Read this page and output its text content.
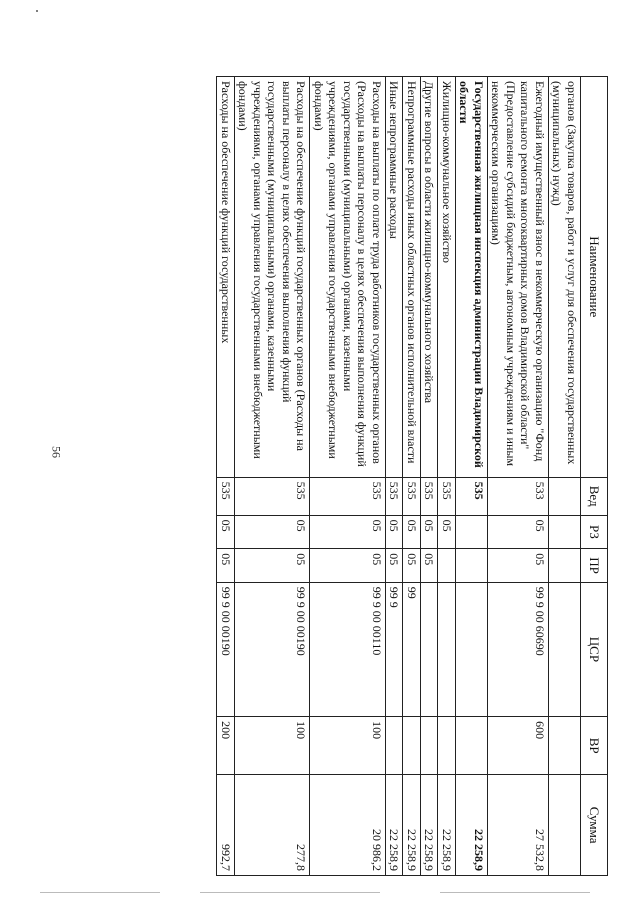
56
Наименование	Вед	РЗ	ПР	ЦСР	ВР	Сумма
органов (Закупка товаров, работ и услуг для обеспечения государственных (муниципальных) нужд)						
Ежегодный имущественный взнос в некоммерческую организацию "Фонд капитального ремонта многоквартирных домов Владимирской области" (Предоставление субсидий бюджетным, автономным учреждениям и иным некоммерческим организациям)	533	05	05	99 9 00 60690	600	27 532,8
Государственная жилищная инспекция администрации Владимирской области	535					22 258,9
Жилищно-коммунальное хозяйство	535	05				22 258,9
Другие вопросы в области жилищно-коммунального хозяйства	535	05	05			22 258,9
Непрограммные расходы иных областных органов исполнительной власти	535	05	05	99		22 258,9
Иные непрограммные расходы	535	05	05	99 9		22 258,9
Расходы на выплаты по оплате труда работников государственных органов (Расходы на выплаты персоналу в целях обеспечения выполнения функций государственными (муниципальными) органами, казенными учреждениями, органами управления государственными внебюджетными фондами)	535	05	05	99 9 00 00110	100	20 986,2
Расходы на обеспечение функций государственных органов (Расходы на выплаты персоналу в целях обеспечения выполнения функций государственными (муниципальными) органами, казенными учреждениями, органами управления государственными внебюджетными фондами)	535	05	05	99 9 00 00190	100	277,8
Расходы на обеспечение функций государственных	535	05	05	99 9 00 00190	200	992,7
